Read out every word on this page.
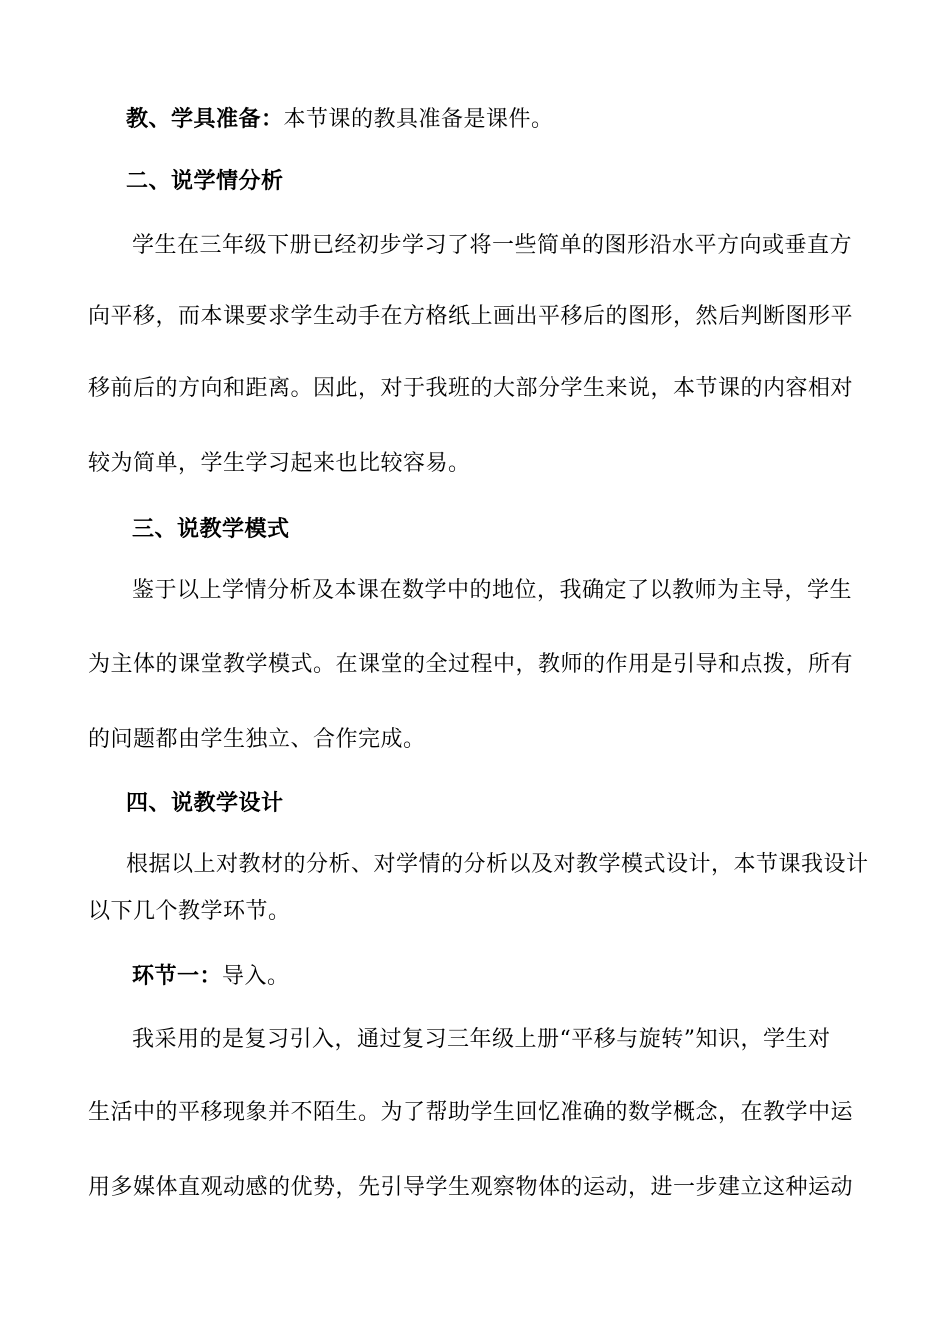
教、学具准备：本节课的教具准备是课件。
二、说学情分析
学生在三年级下册已经初步学习了将一些简单的图形沿水平方向或垂直方
向平移，而本课要求学生动手在方格纸上画出平移后的图形，然后判断图形平
移前后的方向和距离。因此，对于我班的大部分学生来说，本节课的内容相对
较为简单，学生学习起来也比较容易。
三、说教学模式
鉴于以上学情分析及本课在数学中的地位，我确定了以教师为主导，学生
为主体的课堂教学模式。在课堂的全过程中，教师的作用是引导和点拨，所有
的问题都由学生独立、合作完成。
四、说教学设计
根据以上对教材的分析、对学情的分析以及对教学模式设计，本节课我设计
以下几个教学环节。
环节一：导入。
我采用的是复习引入，通过复习三年级上册“平移与旋转”知识，学生对
生活中的平移现象并不陌生。为了帮助学生回忆准确的数学概念，在教学中运
用多媒体直观动感的优势，先引导学生观察物体的运动，进一步建立这种运动
